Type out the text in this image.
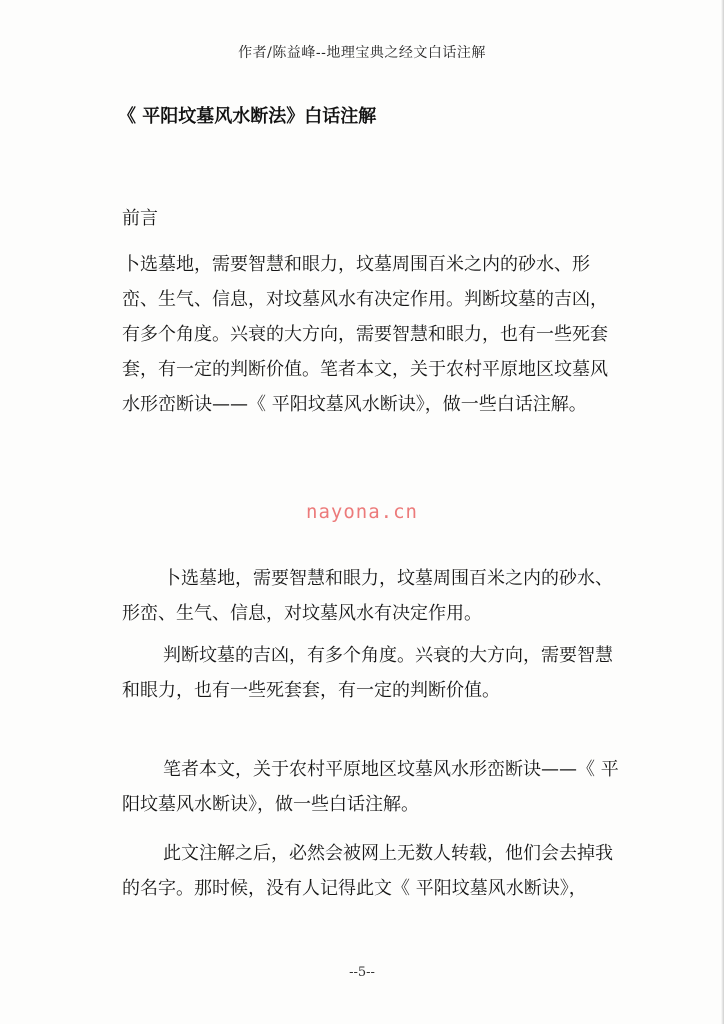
作者/陈益峰--地理宝典之经文白话注解
《 平阳坟墓风水断法》白话注解
前言
卜选墓地，需要智慧和眼力，坟墓周围百米之内的砂水、形峦、生气、信息，对坟墓风水有决定作用。判断坟墓的吉凶，有多个角度。兴衰的大方向，需要智慧和眼力，也有一些死套套，有一定的判断价值。笔者本文，关于农村平原地区坟墓风水形峦断诀——《 平阳坟墓风水断诀》，做一些白话注解。
nayona.cn
卜选墓地，需要智慧和眼力，坟墓周围百米之内的砂水、形峦、生气、信息，对坟墓风水有决定作用。
判断坟墓的吉凶，有多个角度。兴衰的大方向，需要智慧和眼力，也有一些死套套，有一定的判断价值。
笔者本文，关于农村平原地区坟墓风水形峦断诀——《 平阳坟墓风水断诀》，做一些白话注解。
此文注解之后，必然会被网上无数人转载，他们会去掉我的名字。那时候，没有人记得此文《 平阳坟墓风水断诀》，
--5--
